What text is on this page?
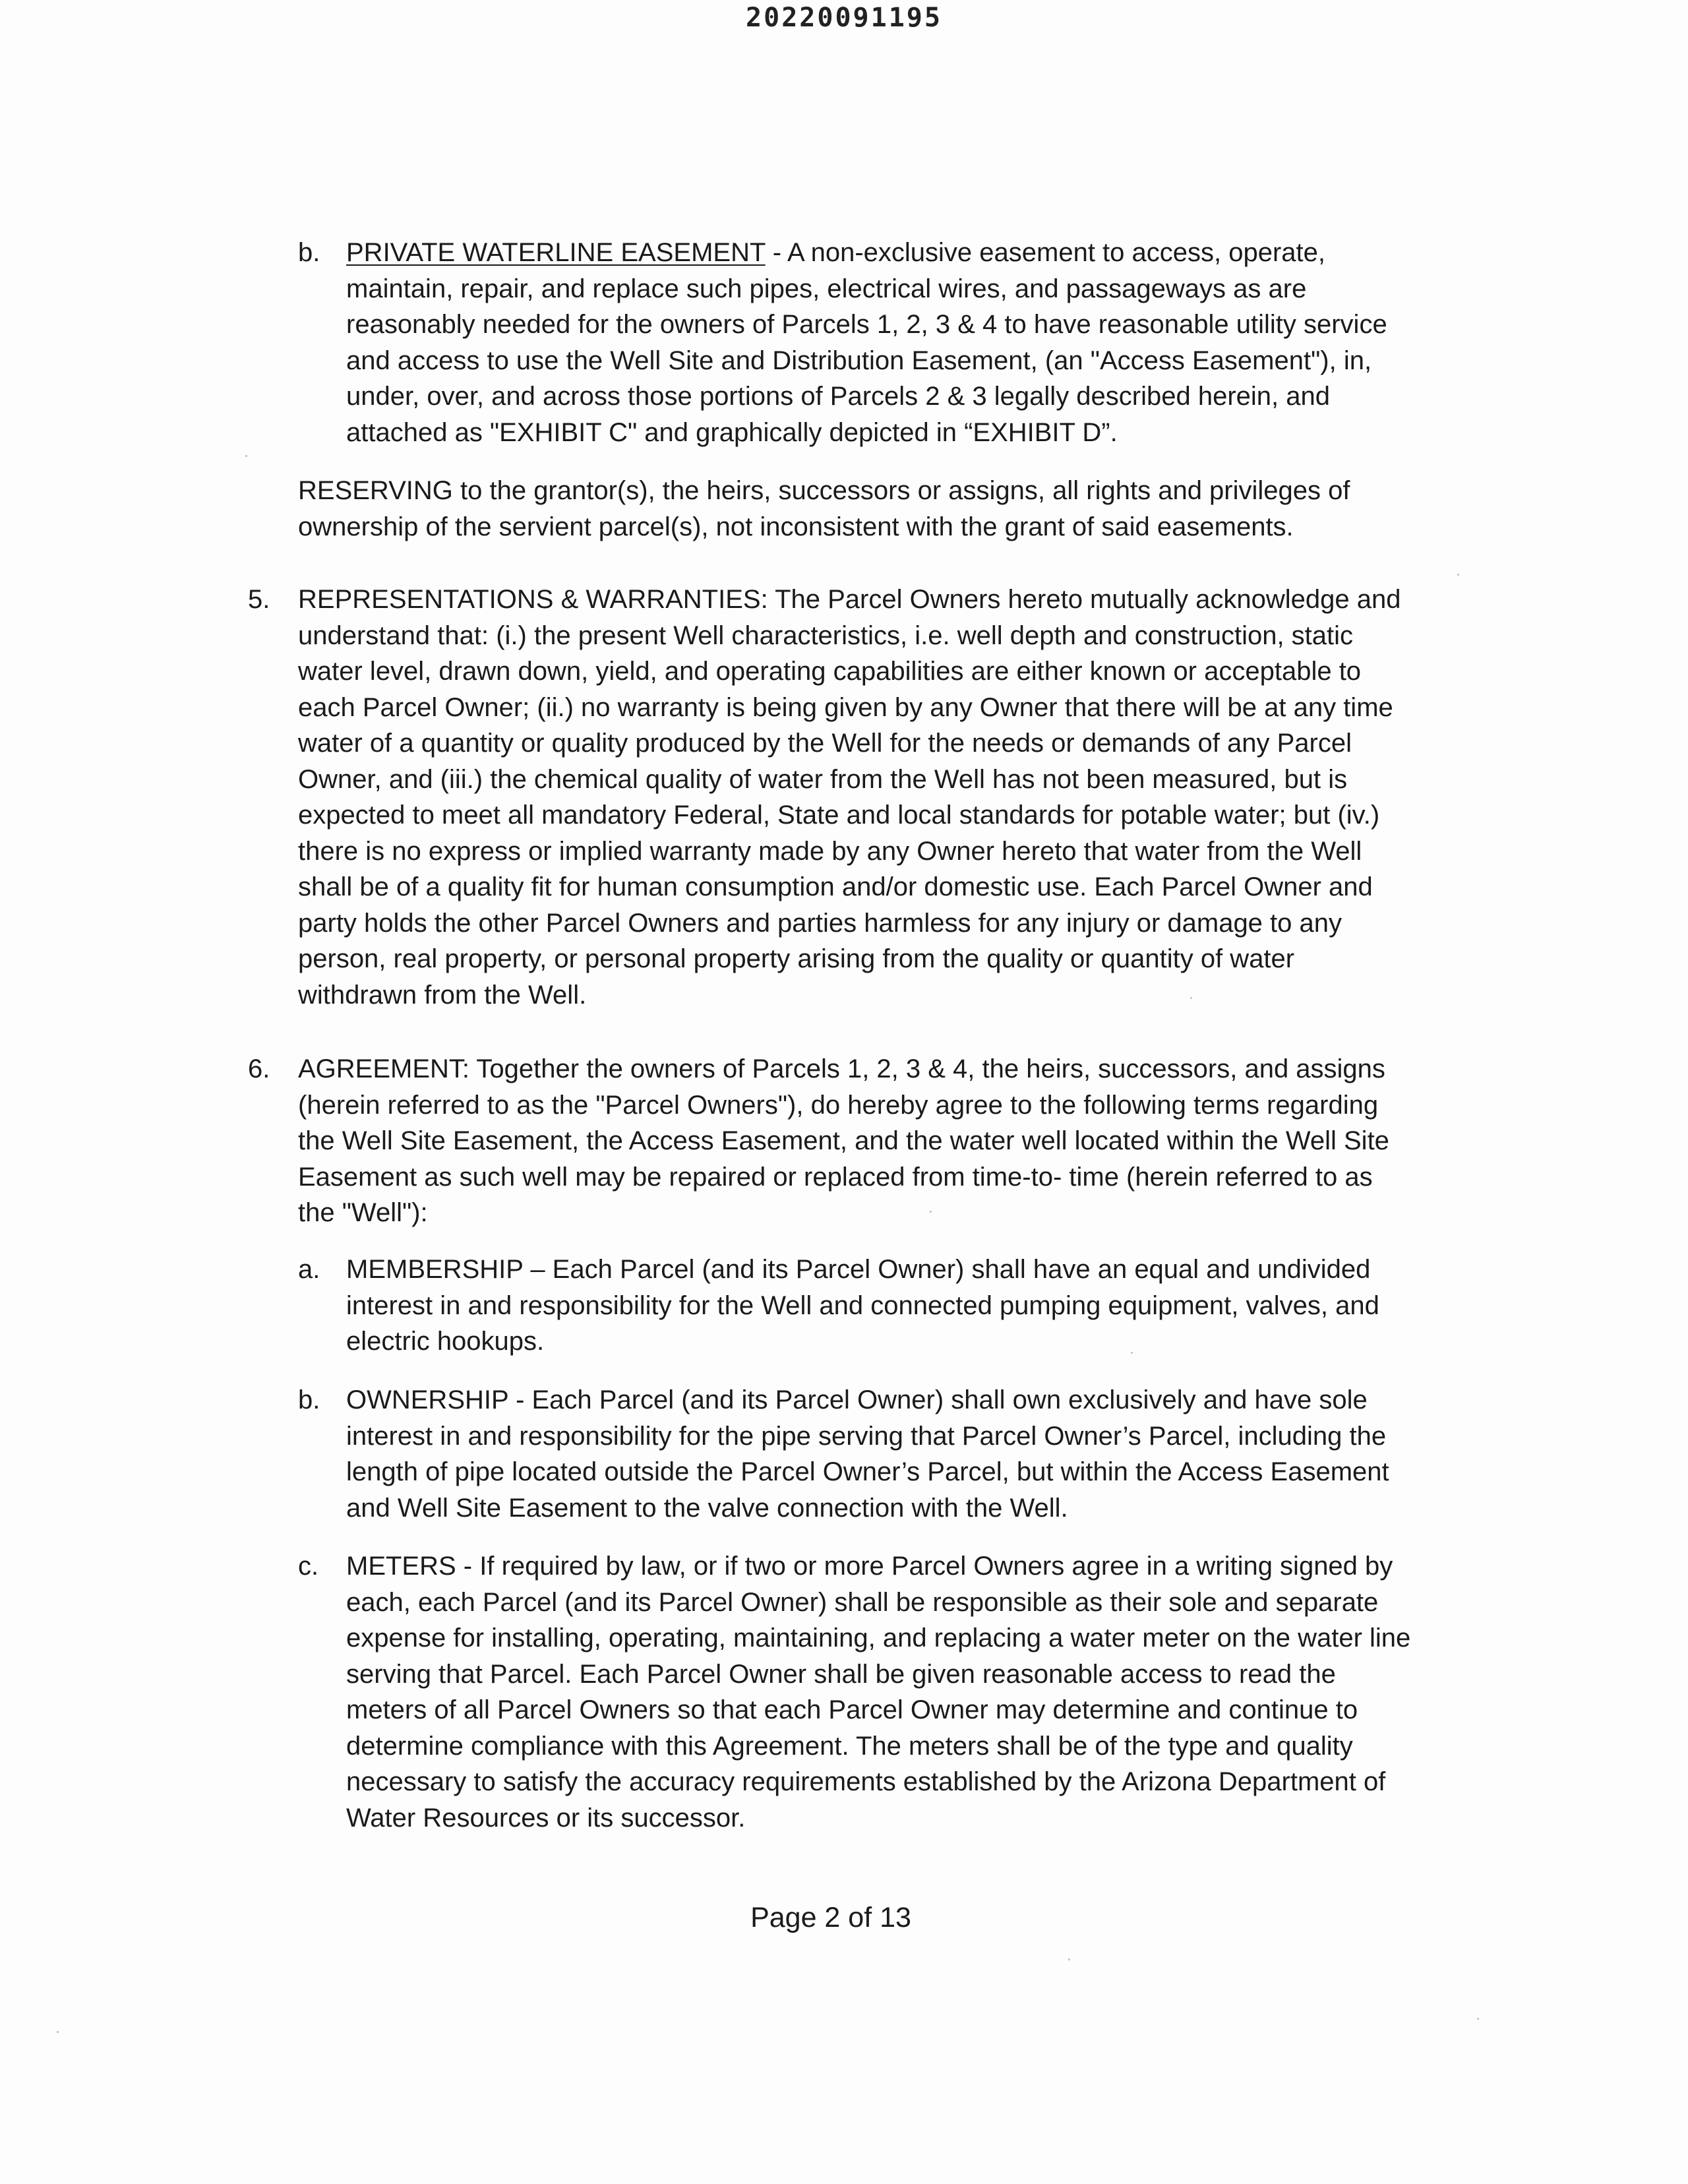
20220091195
b. PRIVATE WATERLINE EASEMENT - A non-exclusive easement to access, operate,
maintain, repair, and replace such pipes, electrical wires, and passageways as are
reasonably needed for the owners of Parcels 1, 2, 3 & 4 to have reasonable utility service
and access to use the Well Site and Distribution Easement, (an "Access Easement"), in,
under, over, and across those portions of Parcels 2 & 3 legally described herein, and
attached as "EXHIBIT C" and graphically depicted in “EXHIBIT D”.
RESERVING to the grantor(s), the heirs, successors or assigns, all rights and privileges of
ownership of the servient parcel(s), not inconsistent with the grant of said easements.
5. REPRESENTATIONS & WARRANTIES: The Parcel Owners hereto mutually acknowledge and
understand that: (i.) the present Well characteristics, i.e. well depth and construction, static
water level, drawn down, yield, and operating capabilities are either known or acceptable to
each Parcel Owner; (ii.) no warranty is being given by any Owner that there will be at any time
water of a quantity or quality produced by the Well for the needs or demands of any Parcel
Owner, and (iii.) the chemical quality of water from the Well has not been measured, but is
expected to meet all mandatory Federal, State and local standards for potable water; but (iv.)
there is no express or implied warranty made by any Owner hereto that water from the Well
shall be of a quality fit for human consumption and/or domestic use. Each Parcel Owner and
party holds the other Parcel Owners and parties harmless for any injury or damage to any
person, real property, or personal property arising from the quality or quantity of water
withdrawn from the Well.
6. AGREEMENT: Together the owners of Parcels 1, 2, 3 & 4, the heirs, successors, and assigns
(herein referred to as the "Parcel Owners"), do hereby agree to the following terms regarding
the Well Site Easement, the Access Easement, and the water well located within the Well Site
Easement as such well may be repaired or replaced from time-to- time (herein referred to as
the "Well"):
a. MEMBERSHIP – Each Parcel (and its Parcel Owner) shall have an equal and undivided
interest in and responsibility for the Well and connected pumping equipment, valves, and
electric hookups.
b. OWNERSHIP - Each Parcel (and its Parcel Owner) shall own exclusively and have sole
interest in and responsibility for the pipe serving that Parcel Owner’s Parcel, including the
length of pipe located outside the Parcel Owner’s Parcel, but within the Access Easement
and Well Site Easement to the valve connection with the Well.
c. METERS - If required by law, or if two or more Parcel Owners agree in a writing signed by
each, each Parcel (and its Parcel Owner) shall be responsible as their sole and separate
expense for installing, operating, maintaining, and replacing a water meter on the water line
serving that Parcel. Each Parcel Owner shall be given reasonable access to read the
meters of all Parcel Owners so that each Parcel Owner may determine and continue to
determine compliance with this Agreement. The meters shall be of the type and quality
necessary to satisfy the accuracy requirements established by the Arizona Department of
Water Resources or its successor.
Page 2 of 13
